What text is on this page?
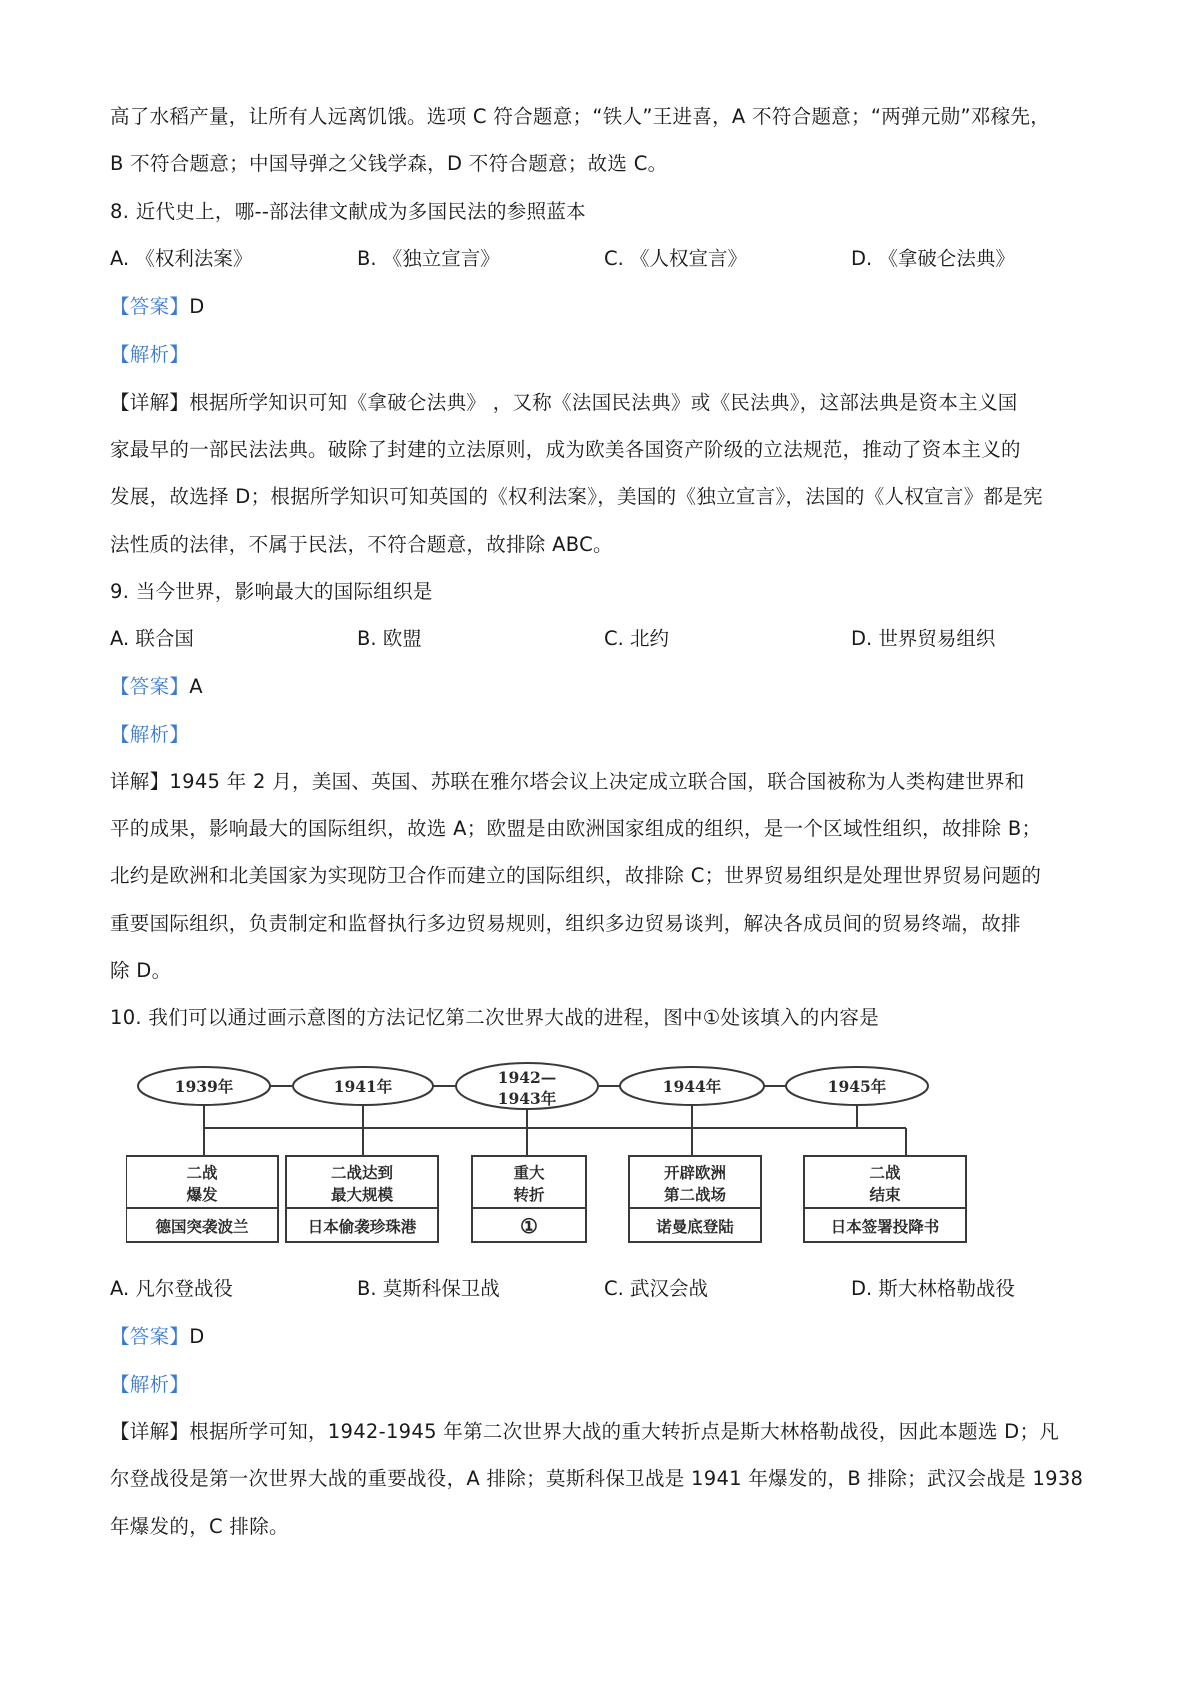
高了水稻产量，让所有人远离饥饿。选项 C 符合题意；“铁人”王进喜，A 不符合题意；“两弹元勋”邓稼先，
B 不符合题意；中国导弹之父钱学森，D 不符合题意；故选 C。
8. 近代史上，哪--部法律文献成为多国民法的参照蓝本
A. 《权利法案》	B. 《独立宣言》	C. 《人权宣言》	D. 《拿破仑法典》
【答案】D
【解析】
【详解】根据所学知识可知《拿破仑法典》 ，又称《法国民法典》或《民法典》，这部法典是资本主义国
家最早的一部民法法典。破除了封建的立法原则，成为欧美各国资产阶级的立法规范，推动了资本主义的
发展，故选择 D；根据所学知识可知英国的《权利法案》，美国的《独立宣言》，法国的《人权宣言》都是宪
法性质的法律，不属于民法，不符合题意，故排除 ABC。
9. 当今世界，影响最大的国际组织是
A. 联合国	B. 欧盟	C. 北约	D. 世界贸易组织
【答案】A
【解析】
详解】1945 年 2 月，美国、英国、苏联在雅尔塔会议上决定成立联合国，联合国被称为人类构建世界和
平的成果，影响最大的国际组织，故选 A；欧盟是由欧洲国家组成的组织，是一个区域性组织，故排除 B；
北约是欧洲和北美国家为实现防卫合作而建立的国际组织，故排除 C；世界贸易组织是处理世界贸易问题的
重要国际组织，负责制定和监督执行多边贸易规则，组织多边贸易谈判，解决各成员间的贸易终端，故排
除 D。
10. 我们可以通过画示意图的方法记忆第二次世界大战的进程，图中①处该填入的内容是
1939年	1941年	1942—
1943年
1944年	1945年
二战
爆发
德国突袭波兰
二战达到
最大规模
日本偷袭珍珠港
重大
转折
①
开辟欧洲
第二战场
诺曼底登陆
二战
结束
日本签署投降书
A. 凡尔登战役	B. 莫斯科保卫战	C. 武汉会战	D. 斯大林格勒战役
【答案】D
【解析】
【详解】根据所学可知，1942-1945 年第二次世界大战的重大转折点是斯大林格勒战役，因此本题选 D；凡
尔登战役是第一次世界大战的重要战役，A 排除；莫斯科保卫战是 1941 年爆发的，B 排除；武汉会战是 1938
年爆发的，C 排除。
